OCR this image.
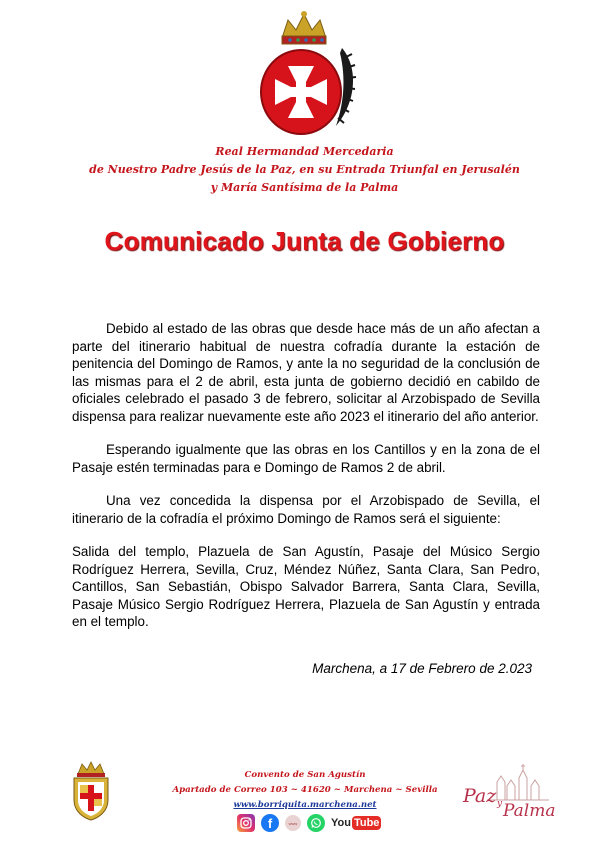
Real Hermandad Mercedaria
de Nuestro Padre Jesús de la Paz, en su Entrada Triunfal en Jerusalén
y María Santísima de la Palma
Comunicado Junta de Gobierno

Debido al estado de las obras que desde hace más de un año afectan a parte del itinerario habitual de nuestra cofradía durante la estación de penitencia del Domingo de Ramos, y ante la no seguridad de la conclusión de las mismas para el 2 de abril, esta junta de gobierno decidió en cabildo de oficiales celebrado el pasado 3 de febrero, solicitar al Arzobispado de Sevilla dispensa para realizar nuevamente este año 2023 el itinerario del año anterior.

Esperando igualmente que las obras en los Cantillos y en la zona de el Pasaje estén terminadas para e Domingo de Ramos 2 de abril.

Una vez concedida la dispensa por el Arzobispado de Sevilla, el itinerario de la cofradía el próximo Domingo de Ramos será el siguiente:

Salida del templo, Plazuela de San Agustín, Pasaje del Músico Sergio Rodríguez Herrera, Sevilla, Cruz, Méndez Núñez, Santa Clara, San Pedro, Cantillos, San Sebastián, Obispo Salvador Barrera, Santa Clara, Sevilla, Pasaje Músico Sergio Rodríguez Herrera, Plazuela de San Agustín y entrada en el templo.

Marchena, a 17 de Febrero de 2.023
Convento de San Agustín
Apartado de Correo 103 ~ 41620 ~ Marchena ~ Sevilla
www.borriquita.marchena.net
f	www	You Tube
Paz y Palma
